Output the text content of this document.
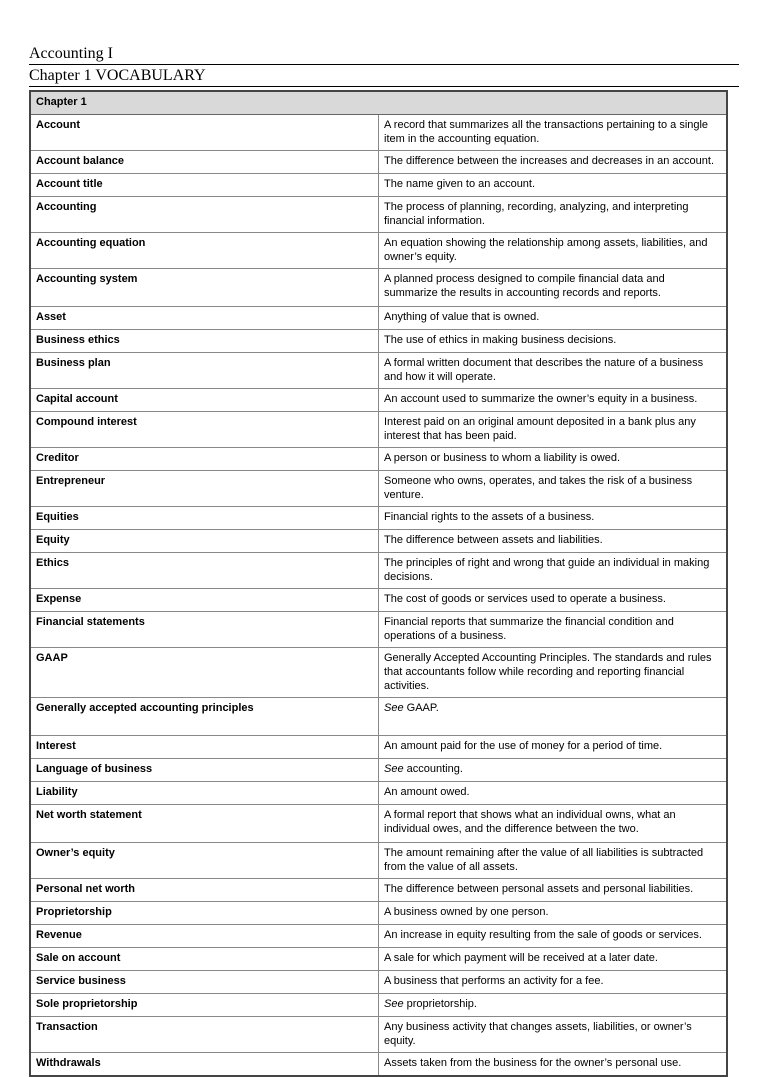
Accounting I
Chapter 1 VOCABULARY
Chapter 1	
Account	A record that summarizes all the transactions pertaining to a single item in the accounting equation.
Account balance	The difference between the increases and decreases in an account.
Account title	The name given to an account.
Accounting	The process of planning, recording, analyzing, and interpreting financial information.
Accounting equation	An equation showing the relationship among assets, liabilities, and owner’s equity.
Accounting system	A planned process designed to compile financial data and summarize the results in accounting records and reports.
Asset	Anything of value that is owned.
Business ethics	The use of ethics in making business decisions.
Business plan	A formal written document that describes the nature of a business and how it will operate.
Capital account	An account used to summarize the owner’s equity in a business.
Compound interest	Interest paid on an original amount deposited in a bank plus any interest that has been paid.
Creditor	A person or business to whom a liability is owed.
Entrepreneur	Someone who owns, operates, and takes the risk of a business venture.
Equities	Financial rights to the assets of a business.
Equity	The difference between assets and liabilities.
Ethics	The principles of right and wrong that guide an individual in making decisions.
Expense	The cost of goods or services used to operate a business.
Financial statements	Financial reports that summarize the financial condition and operations of a business.
GAAP	Generally Accepted Accounting Principles. The standards and rules that accountants follow while recording and reporting financial activities.
Generally accepted accounting principles	See GAAP.
Interest	An amount paid for the use of money for a period of time.
Language of business	See accounting.
Liability	An amount owed.
Net worth statement	A formal report that shows what an individual owns, what an individual owes, and the difference between the two.
Owner’s equity	The amount remaining after the value of all liabilities is subtracted from the value of all assets.
Personal net worth	The difference between personal assets and personal liabilities.
Proprietorship	A business owned by one person.
Revenue	An increase in equity resulting from the sale of goods or services.
Sale on account	A sale for which payment will be received at a later date.
Service business	A business that performs an activity for a fee.
Sole proprietorship	See proprietorship.
Transaction	Any business activity that changes assets, liabilities, or owner’s equity.
Withdrawals	Assets taken from the business for the owner’s personal use.
